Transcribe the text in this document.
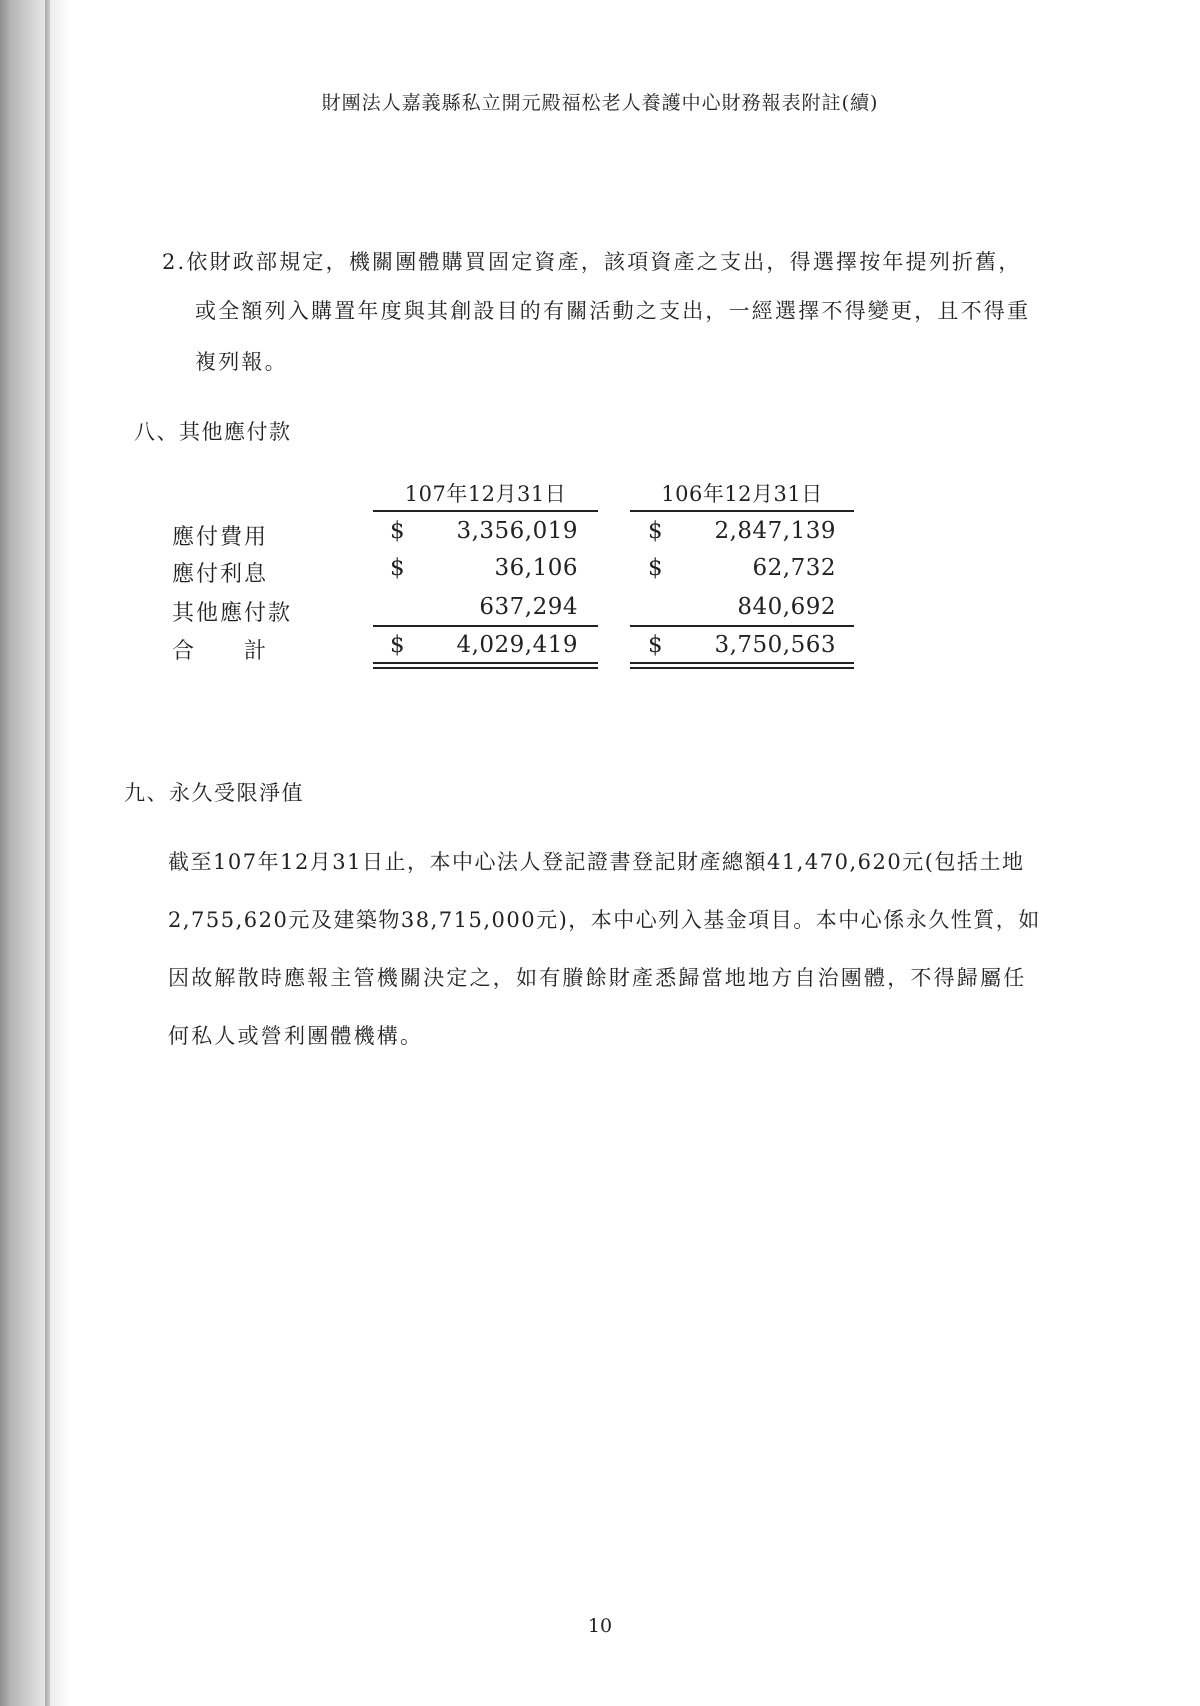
財團法人嘉義縣私立開元殿福松老人養護中心財務報表附註(續)
2.依財政部規定，機關團體購買固定資產，該項資產之支出，得選擇按年提列折舊，
或全額列入購置年度與其創設目的有關活動之支出，一經選擇不得變更，且不得重
複列報。
八、其他應付款
107年12月31日	106年12月31日
應付費用	$	3,356,019	$	2,847,139
應付利息	$	36,106	$	62,732
其他應付款	637,294	840,692
合　　計	$	4,029,419	$	3,750,563
九、永久受限淨值
截至107年12月31日止，本中心法人登記證書登記財產總額41,470,620元(包括土地
2,755,620元及建築物38,715,000元)，本中心列入基金項目。本中心係永久性質，如
因故解散時應報主管機關決定之，如有賸餘財產悉歸當地地方自治團體，不得歸屬任
何私人或營利團體機構。
10
